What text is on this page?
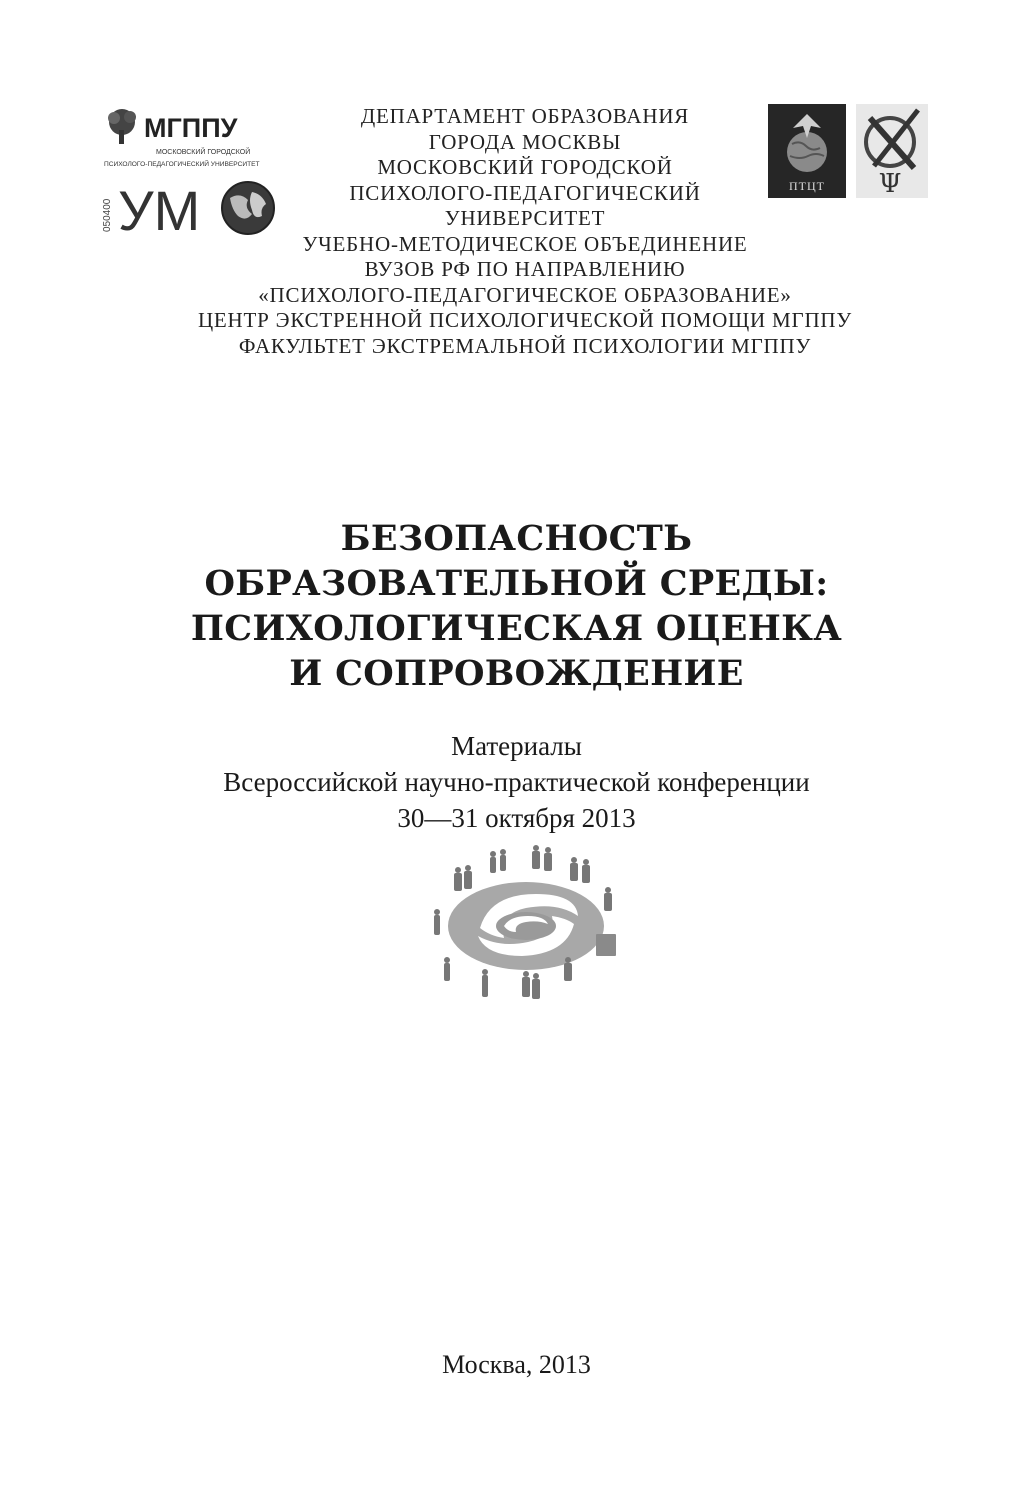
МГППУ
МОСКОВСКИЙ ГОРОДСКОЙ
ПСИХОЛОГО-ПЕДАГОГИЧЕСКИЙ УНИВЕРСИТЕТ
050400 УМ	ПТЦТ Ψ
ДЕПАРТАМЕНТ ОБРАЗОВАНИЯ
ГОРОДА МОСКВЫ
МОСКОВСКИЙ ГОРОДСКОЙ
ПСИХОЛОГО-ПЕДАГОГИЧЕСКИЙ
УНИВЕРСИТЕТ
УЧЕБНО-МЕТОДИЧЕСКОЕ ОБЪЕДИНЕНИЕ
ВУЗОВ РФ ПО НАПРАВЛЕНИЮ
«ПСИХОЛОГО-ПЕДАГОГИЧЕСКОЕ ОБРАЗОВАНИЕ»
ЦЕНТР ЭКСТРЕННОЙ ПСИХОЛОГИЧЕСКОЙ ПОМОЩИ МГППУ
ФАКУЛЬТЕТ ЭКСТРЕМАЛЬНОЙ ПСИХОЛОГИИ МГППУ
БЕЗОПАСНОСТЬ
ОБРАЗОВАТЕЛЬНОЙ СРЕДЫ:
ПСИХОЛОГИЧЕСКАЯ ОЦЕНКА
И СОПРОВОЖДЕНИЕ
Материалы
Всероссийской научно-практической конференции
30—31 октября 2013
Москва, 2013
